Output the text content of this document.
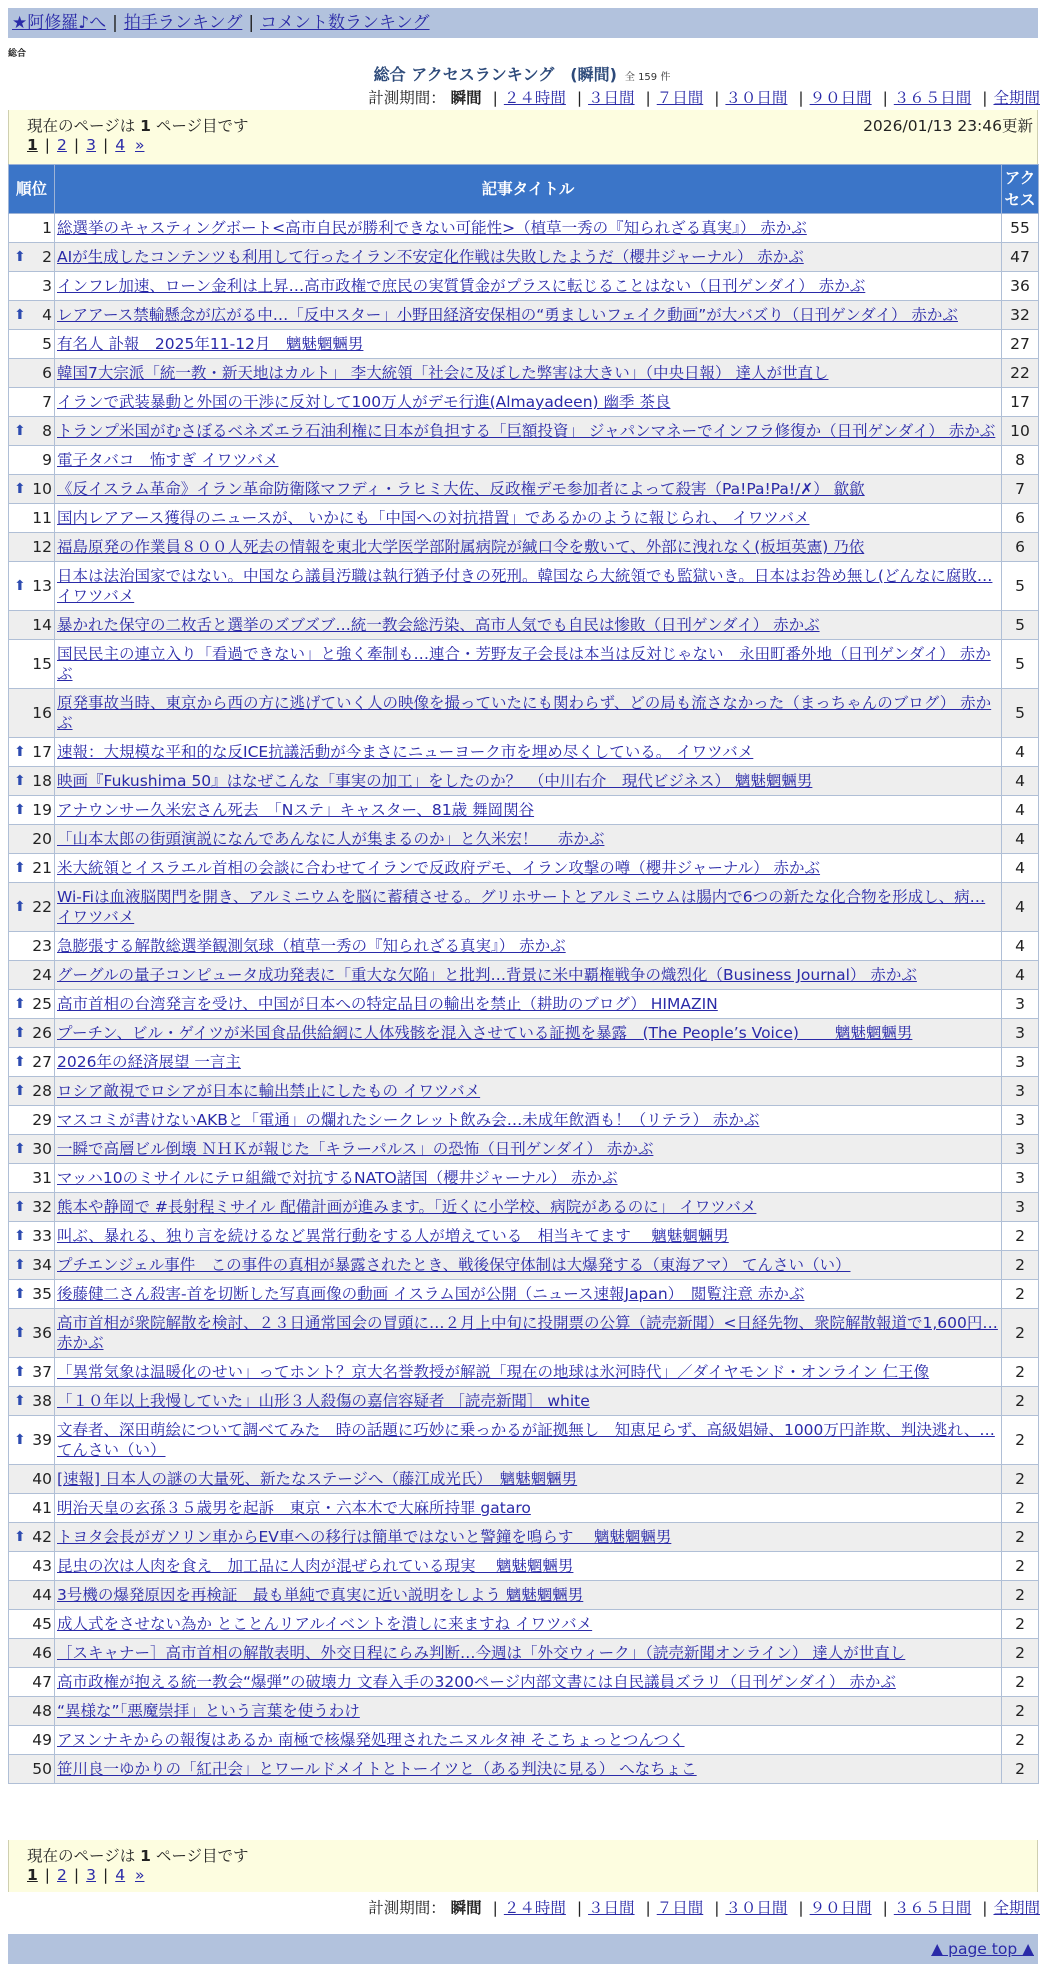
★阿修羅♪へ | 拍手ランキング | コメント数ランキング
総合
総合 アクセスランキング　(瞬間) 全 159 件
計測期間： 瞬間 | ２４時間 | ３日間 | ７日間 | ３０日間 | ９０日間 | ３６５日間 | 全期間
現在のページは 1 ページ目です	2026/01/13 23:46更新
1 | 2 | 3 | 4 »
順位	記事タイトル	アクセス
1	総選挙のキャスティングボート<高市自民が勝利できない可能性>（植草一秀の『知られざる真実』） 赤かぶ	55

⬆ 2	AIが生成したコンテンツも利用して行ったイラン不安定化作戦は失敗したようだ（櫻井ジャーナル） 赤かぶ	47
3	インフレ加速、ローン金利は上昇…高市政権で庶民の実質賃金がプラスに転じることはない（日刊ゲンダイ） 赤かぶ	36

⬆ 4	レアアース禁輸懸念が広がる中…「反中スター」小野田経済安保相の“勇ましいフェイク動画”が大バズり（日刊ゲンダイ） 赤かぶ	32
5	有名人 訃報　2025年11-12月　魑魅魍魎男	27
6	韓国7大宗派「統一教・新天地はカルト」 李大統領「社会に及ぼした弊害は大きい」（中央日報） 達人が世直し	22
7	イランで武装暴動と外国の干渉に反対して100万人がデモ行進(Almayadeen) 幽季 茶良	17

⬆ 8	トランプ米国がむさぼるベネズエラ石油利権に日本が負担する「巨額投資」 ジャパンマネーでインフラ修復か（日刊ゲンダイ） 赤かぶ	10
9	電子タバコ　怖すぎ イワツバメ	8

⬆ 10	《反イスラム革命》イラン革命防衛隊マフディ・ラヒミ大佐、反政権デモ参加者によって殺害（Pa!Pa!Pa!/✗） 歙歙	7
11	国内レアアース獲得のニュースが、 いかにも「中国への対抗措置」であるかのように報じられ、 イワツバメ	6
12	福島原発の作業員８００人死去の情報を東北大学医学部附属病院が緘口令を敷いて、外部に洩れなく(板垣英憲) 乃依	6

⬆ 13	日本は法治国家ではない。中国なら議員汚職は執行猶予付きの死刑。韓国なら大統領でも監獄いき。日本はお咎め無し(どんなに腐敗… イワツバメ	5
14	暴かれた保守の二枚舌と選挙のズブズブ…統一教会総汚染、高市人気でも自民は惨敗（日刊ゲンダイ） 赤かぶ	5
15	国民民主の連立入り「看過できない」と強く牽制も…連合・芳野友子会長は本当は反対じゃない　永田町番外地（日刊ゲンダイ） 赤かぶ	5
16	原発事故当時、東京から西の方に逃げていく人の映像を撮っていたにも関わらず、どの局も流さなかった（まっちゃんのブログ） 赤かぶ	5

⬆ 17	速報：大規模な平和的な反ICE抗議活動が今まさにニューヨーク市を埋め尽くしている。 イワツバメ	4

⬆ 18	映画『Fukushima 50』はなぜこんな「事実の加工」をしたのか？　（中川右介　現代ビジネス） 魑魅魍魎男	4

⬆ 19	アナウンサー久米宏さん死去　「Nステ」キャスター、81歳 舞岡関谷	4
20	「山本太郎の街頭演説になんであんなに人が集まるのか」と久米宏！　 赤かぶ	4

⬆ 21	米大統領とイスラエル首相の会談に合わせてイランで反政府デモ、イラン攻撃の噂（櫻井ジャーナル） 赤かぶ	4

⬆ 22	Wi-Fiは血液脳関門を開き、アルミニウムを脳に蓄積させる。グリホサートとアルミニウムは腸内で6つの新たな化合物を形成し、病… イワツバメ	4
23	急膨張する解散総選挙観測気球（植草一秀の『知られざる真実』） 赤かぶ	4
24	グーグルの量子コンピュータ成功発表に「重大な欠陥」と批判…背景に米中覇権戦争の熾烈化（Business Journal） 赤かぶ	4

⬆ 25	高市首相の台湾発言を受け、中国が日本への特定品目の輸出を禁止（耕助のブログ） HIMAZIN	3

⬆ 26	プーチン、ビル・ゲイツが米国食品供給網に人体残骸を混入させている証拠を暴露　(The People’s Voice)　　 魑魅魍魎男	3

⬆ 27	2026年の経済展望 一言主	3

⬆ 28	ロシア敵視でロシアが日本に輸出禁止にしたもの イワツバメ	3
29	マスコミが書けないAKBと「電通」の爛れたシークレット飲み会…未成年飲酒も！（リテラ） 赤かぶ	3

⬆ 30	一瞬で高層ビル倒壊 ＮＨＫが報じた「キラーパルス」の恐怖（日刊ゲンダイ） 赤かぶ	3
31	マッハ10のミサイルにテロ組織で対抗するNATO諸国（櫻井ジャーナル） 赤かぶ	3

⬆ 32	熊本や静岡で #長射程ミサイル 配備計画が進みます。「近くに小学校、病院があるのに」 イワツバメ	3

⬆ 33	叫ぶ、暴れる、独り言を続けるなど異常行動をする人が増えている　相当キてます　 魑魅魍魎男	2

⬆ 34	プチエンジェル事件　この事件の真相が暴露されたとき、戦後保守体制は大爆発する（東海アマ） てんさい（い）	2

⬆ 35	後藤健二さん殺害-首を切断した写真画像の動画 イスラム国が公開（ニュース速報Japan）　閲覧注意 赤かぶ	2

⬆ 36	高市首相が衆院解散を検討、２３日通常国会の冒頭に…２月上中旬に投開票の公算（読売新聞）<日経先物、衆院解散報道で1,600円… 赤かぶ	2

⬆ 37	「異常気象は温暖化のせい」ってホント？京大名誉教授が解説「現在の地球は氷河時代」／ダイヤモンド・オンライン 仁王像	2

⬆ 38	「１０年以上我慢していた」山形３人殺傷の嘉信容疑者 ［読売新聞］ white	2

⬆ 39	文春者、深田萌絵について調べてみた　時の話題に巧妙に乗っかるが証拠無し　知恵足らず、高級娼婦、1000万円詐欺、判決逃れ、… てんさい（い）	2
40	[速報] 日本人の謎の大量死、新たなステージへ（藤江成光氏）　魑魅魍魎男	2
41	明治天皇の玄孫３５歳男を起訴　東京・六本木で大麻所持罪 gataro	2

⬆ 42	トヨタ会長がガソリン車からEV車への移行は簡単ではないと警鐘を鳴らす　 魑魅魍魎男	2
43	昆虫の次は人肉を食え　加工品に人肉が混ぜられている現実　 魑魅魍魎男	2
44	3号機の爆発原因を再検証　最も単純で真実に近い説明をしよう 魑魅魍魎男	2
45	成人式をさせない為か とことんリアルイベントを潰しに来ますね イワツバメ	2
46	［スキャナー］高市首相の解散表明、外交日程にらみ判断…今週は「外交ウィーク」（読売新聞オンライン） 達人が世直し	2
47	高市政権が抱える統一教会“爆弾”の破壊力 文春入手の3200ページ内部文書には自民議員ズラリ（日刊ゲンダイ） 赤かぶ	2
48	“異様な”「悪魔崇拝」という言葉を使うわけ	2
49	アヌンナキからの報復はあるか 南極で核爆発処理されたニヌルタ神 そこちょっとつんつく	2
50	笹川良一ゆかりの「紅卍会」とワールドメイトとトーイツと（ある判決に見る） へなちょこ	2
現在のページは 1 ページ目です
1 | 2 | 3 | 4 »
計測期間： 瞬間 | ２４時間 | ３日間 | ７日間 | ３０日間 | ９０日間 | ３６５日間 | 全期間
▲ page top ▲
